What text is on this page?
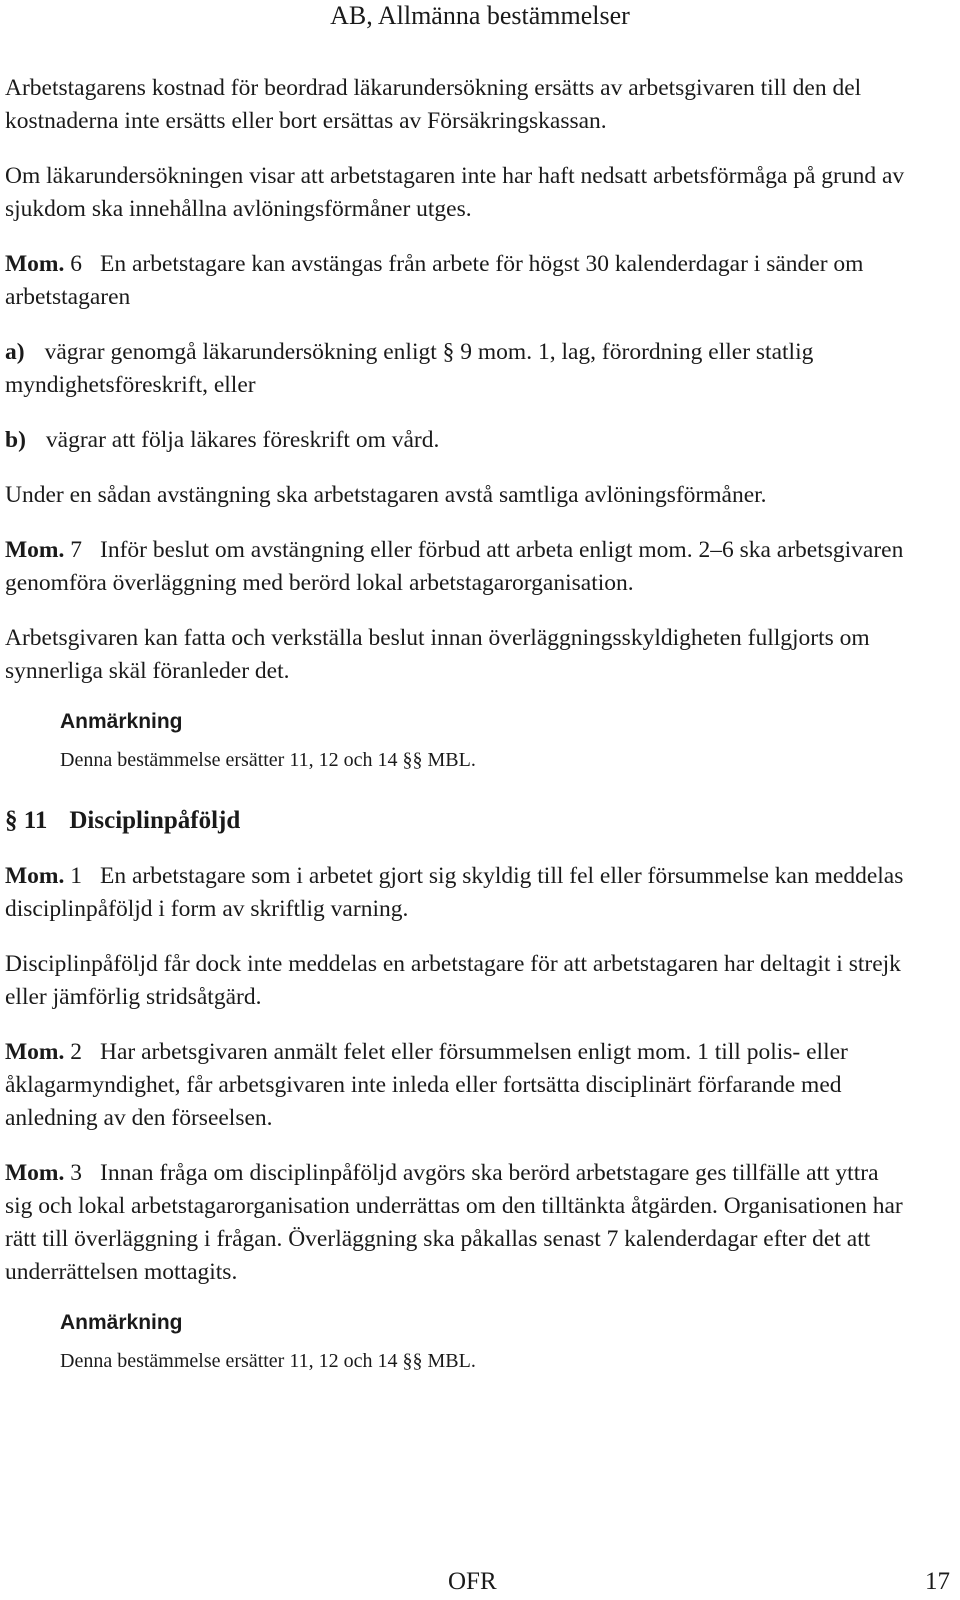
AB, Allmänna bestämmelser

Arbetstagarens kostnad för beordrad läkarundersökning ersätts av arbetsgivaren till den del kostnaderna inte ersätts eller bort ersättas av Försäkringskassan.

Om läkarundersökningen visar att arbetstagaren inte har haft nedsatt arbetsförmåga på grund av sjukdom ska innehållna avlöningsförmåner utges.

Mom. 6 En arbetstagare kan avstängas från arbete för högst 30 kalenderdagar i sänder om arbetstagaren

a) vägrar genomgå läkarundersökning enligt § 9 mom. 1, lag, förordning eller statlig myndighetsföreskrift, eller

b) vägrar att följa läkares föreskrift om vård.

Under en sådan avstängning ska arbetstagaren avstå samtliga avlöningsförmåner.

Mom. 7 Inför beslut om avstängning eller förbud att arbeta enligt mom. 2–6 ska arbetsgivaren genomföra överläggning med berörd lokal arbetstagarorganisation.

Arbetsgivaren kan fatta och verkställa beslut innan överläggningsskyldigheten fullgjorts om synnerliga skäl föranleder det.

Anmärkning

Denna bestämmelse ersätter 11, 12 och 14 §§ MBL.

§ 11 Disciplinpåföljd

Mom. 1 En arbetstagare som i arbetet gjort sig skyldig till fel eller försummelse kan meddelas disciplinpåföljd i form av skriftlig varning.

Disciplinpåföljd får dock inte meddelas en arbetstagare för att arbetstagaren har deltagit i strejk eller jämförlig stridsåtgärd.

Mom. 2 Har arbetsgivaren anmält felet eller försummelsen enligt mom. 1 till polis- eller åklagarmyndighet, får arbetsgivaren inte inleda eller fortsätta disciplinärt förfarande med anledning av den förseelsen.

Mom. 3 Innan fråga om disciplinpåföljd avgörs ska berörd arbetstagare ges tillfälle att yttra sig och lokal arbetstagarorganisation underrättas om den tilltänkta åtgärden. Organisationen har rätt till överläggning i frågan. Överläggning ska påkallas senast 7 kalenderdagar efter det att underrättelsen mottagits.

Anmärkning

Denna bestämmelse ersätter 11, 12 och 14 §§ MBL.

OFR	17
